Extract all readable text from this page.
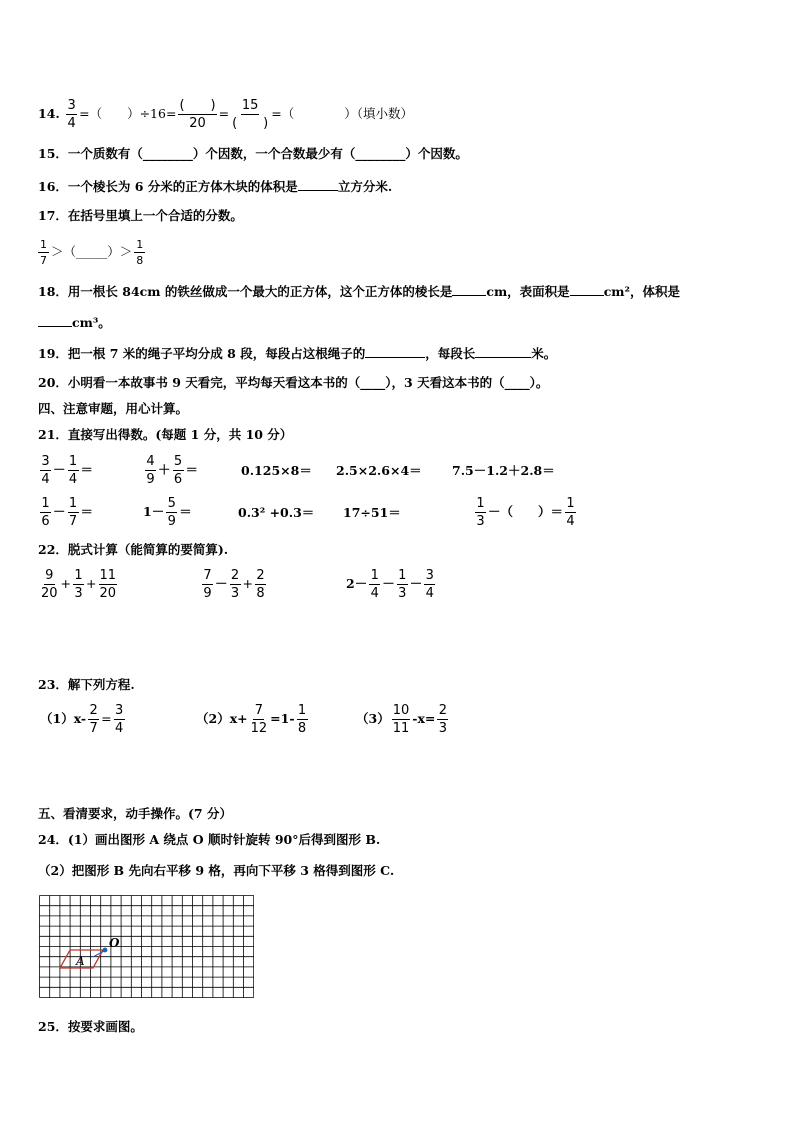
14. $\frac{3}{4}$ =（　　）$\div 16= \frac{( )}{20} = \frac{15}{( )}$ =（　　　　）（填小数）
15．一个质数有（________）个因数，一个合数最少有（________）个因数。
16．一个棱长为 6 分米的正方体木块的体积是	立方分米.
17．在括号里填上一个合适的分数。
$\frac{1}{7}$ ＞（_____）＞ $\frac{1}{8}$
18．用一根长 84cm 的铁丝做成一个最大的正方体，这个正方体的棱长是	cm，表面积是	cm²，体积是
cm³。
19．把一根 7 米的绳子平均分成 8 段，每段占这根绳子的	，每段长	米。
20．小明看一本故事书 9 天看完，平均每天看这本书的（____），3 天看这本书的（____）。
四、注意审题，用心计算。
21．直接写出得数。(每题 1 分，共 10 分）
$\frac{3}{4} - \frac{1}{4}$ ＝	$\frac{4}{9} + \frac{5}{6}$ ＝	0.125×8＝ 2.5×2.6×4＝ 7.5－1.2＋2.8＝
$\frac{1}{6} - \frac{1}{7}$ ＝	$1- \frac{5}{9}$ ＝	0.3² +0.3＝ 17÷51＝	$\frac{1}{3}$ －（　　）＝ $\frac{1}{4}$
22．脱式计算（能简算的要简算).
$\frac{9}{20} + \frac{1}{3} + \frac{11}{20}$	$\frac{7}{9} - \frac{2}{3} + \frac{2}{8}$	$2- \frac{1}{4} - \frac{1}{3} - \frac{3}{4}$
23．解下列方程.
$(1)x- \frac{2}{7} = \frac{3}{4}$	$(2)x+ \frac{7}{12} =1- \frac{1}{8}$	$(3) \frac{10}{11} -x= \frac{2}{3}$
五、看清要求，动手操作。(7 分）
24．(1）画出图形 A 绕点 O 顺时针旋转 90°后得到图形 B.
（2）把图形 B 先向右平移 9 格，再向下平移 3 格得到图形 C.
O
A
25．按要求画图。
